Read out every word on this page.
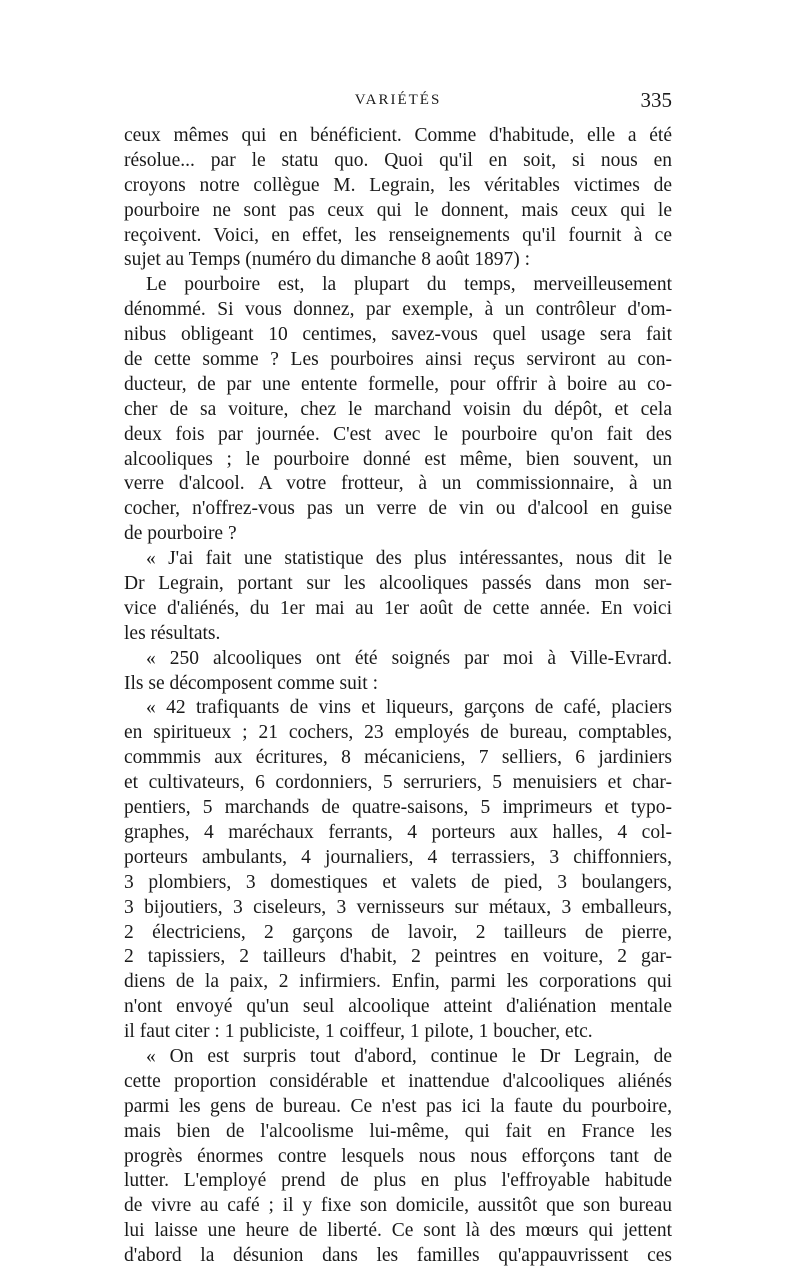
VARIÉTÉS	335
ceux mêmes qui en bénéficient. Comme d'habitude, elle a été
résolue... par le statu quo. Quoi qu'il en soit, si nous en
croyons notre collègue M. Legrain, les véritables victimes de
pourboire ne sont pas ceux qui le donnent, mais ceux qui le
reçoivent. Voici, en effet, les renseignements qu'il fournit à ce
sujet au Temps (numéro du dimanche 8 août 1897) :
Le pourboire est, la plupart du temps, merveilleusement
dénommé. Si vous donnez, par exemple, à un contrôleur d'om-
nibus obligeant 10 centimes, savez-vous quel usage sera fait
de cette somme ? Les pourboires ainsi reçus serviront au con-
ducteur, de par une entente formelle, pour offrir à boire au co-
cher de sa voiture, chez le marchand voisin du dépôt, et cela
deux fois par journée. C'est avec le pourboire qu'on fait des
alcooliques ; le pourboire donné est même, bien souvent, un
verre d'alcool. A votre frotteur, à un commissionnaire, à un
cocher, n'offrez-vous pas un verre de vin ou d'alcool en guise
de pourboire ?
« J'ai fait une statistique des plus intéressantes, nous dit le
Dr Legrain, portant sur les alcooliques passés dans mon ser-
vice d'aliénés, du 1er mai au 1er août de cette année. En voici
les résultats.
« 250 alcooliques ont été soignés par moi à Ville-Evrard.
Ils se décomposent comme suit :
« 42 trafiquants de vins et liqueurs, garçons de café, placiers
en spiritueux ; 21 cochers, 23 employés de bureau, comptables,
commmis aux écritures, 8 mécaniciens, 7 selliers, 6 jardiniers
et cultivateurs, 6 cordonniers, 5 serruriers, 5 menuisiers et char-
pentiers, 5 marchands de quatre-saisons, 5 imprimeurs et typo-
graphes, 4 maréchaux ferrants, 4 porteurs aux halles, 4 col-
porteurs ambulants, 4 journaliers, 4 terrassiers, 3 chiffonniers,
3 plombiers, 3 domestiques et valets de pied, 3 boulangers,
3 bijoutiers, 3 ciseleurs, 3 vernisseurs sur métaux, 3 emballeurs,
2 électriciens, 2 garçons de lavoir, 2 tailleurs de pierre,
2 tapissiers, 2 tailleurs d'habit, 2 peintres en voiture, 2 gar-
diens de la paix, 2 infirmiers. Enfin, parmi les corporations qui
n'ont envoyé qu'un seul alcoolique atteint d'aliénation mentale
il faut citer : 1 publiciste, 1 coiffeur, 1 pilote, 1 boucher, etc.
« On est surpris tout d'abord, continue le Dr Legrain, de
cette proportion considérable et inattendue d'alcooliques aliénés
parmi les gens de bureau. Ce n'est pas ici la faute du pourboire,
mais bien de l'alcoolisme lui-même, qui fait en France les
progrès énormes contre lesquels nous nous efforçons tant de
lutter. L'employé prend de plus en plus l'effroyable habitude
de vivre au café ; il y fixe son domicile, aussitôt que son bureau
lui laisse une heure de liberté. Ce sont là des mœurs qui jettent
d'abord la désunion dans les familles qu'appauvrissent ces
